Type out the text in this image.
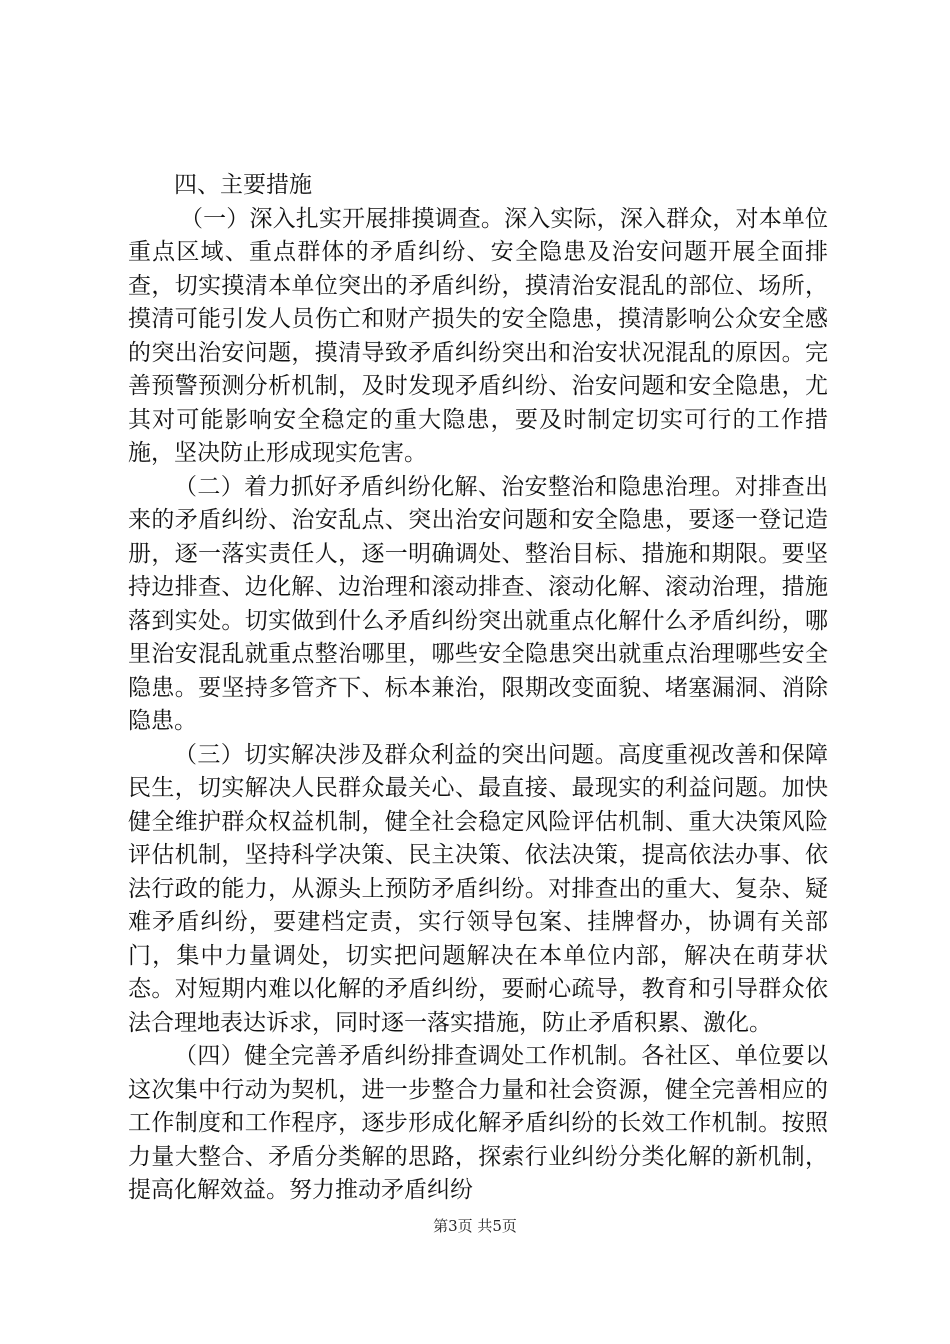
四、主要措施

（一）深入扎实开展排摸调查。深入实际，深入群众，对本单位重点区域、重点群体的矛盾纠纷、安全隐患及治安问题开展全面排查，切实摸清本单位突出的矛盾纠纷，摸清治安混乱的部位、场所，摸清可能引发人员伤亡和财产损失的安全隐患，摸清影响公众安全感的突出治安问题，摸清导致矛盾纠纷突出和治安状况混乱的原因。完善预警预测分析机制，及时发现矛盾纠纷、治安问题和安全隐患，尤其对可能影响安全稳定的重大隐患，要及时制定切实可行的工作措施，坚决防止形成现实危害。

（二）着力抓好矛盾纠纷化解、治安整治和隐患治理。对排查出来的矛盾纠纷、治安乱点、突出治安问题和安全隐患，要逐一登记造册，逐一落实责任人，逐一明确调处、整治目标、措施和期限。要坚持边排查、边化解、边治理和滚动排查、滚动化解、滚动治理，措施落到实处。切实做到什么矛盾纠纷突出就重点化解什么矛盾纠纷，哪里治安混乱就重点整治哪里，哪些安全隐患突出就重点治理哪些安全隐患。要坚持多管齐下、标本兼治，限期改变面貌、堵塞漏洞、消除隐患。

（三）切实解决涉及群众利益的突出问题。高度重视改善和保障民生，切实解决人民群众最关心、最直接、最现实的利益问题。加快健全维护群众权益机制，健全社会稳定风险评估机制、重大决策风险评估机制，坚持科学决策、民主决策、依法决策，提高依法办事、依法行政的能力，从源头上预防矛盾纠纷。对排查出的重大、复杂、疑难矛盾纠纷，要建档定责，实行领导包案、挂牌督办，协调有关部门，集中力量调处，切实把问题解决在本单位内部，解决在萌芽状态。对短期内难以化解的矛盾纠纷，要耐心疏导，教育和引导群众依法合理地表达诉求，同时逐一落实措施，防止矛盾积累、激化。

（四）健全完善矛盾纠纷排查调处工作机制。各社区、单位要以这次集中行动为契机，进一步整合力量和社会资源，健全完善相应的工作制度和工作程序，逐步形成化解矛盾纠纷的长效工作机制。按照力量大整合、矛盾分类解的思路，探索行业纠纷分类化解的新机制，提高化解效益。努力推动矛盾纠纷

第3页 共5页
